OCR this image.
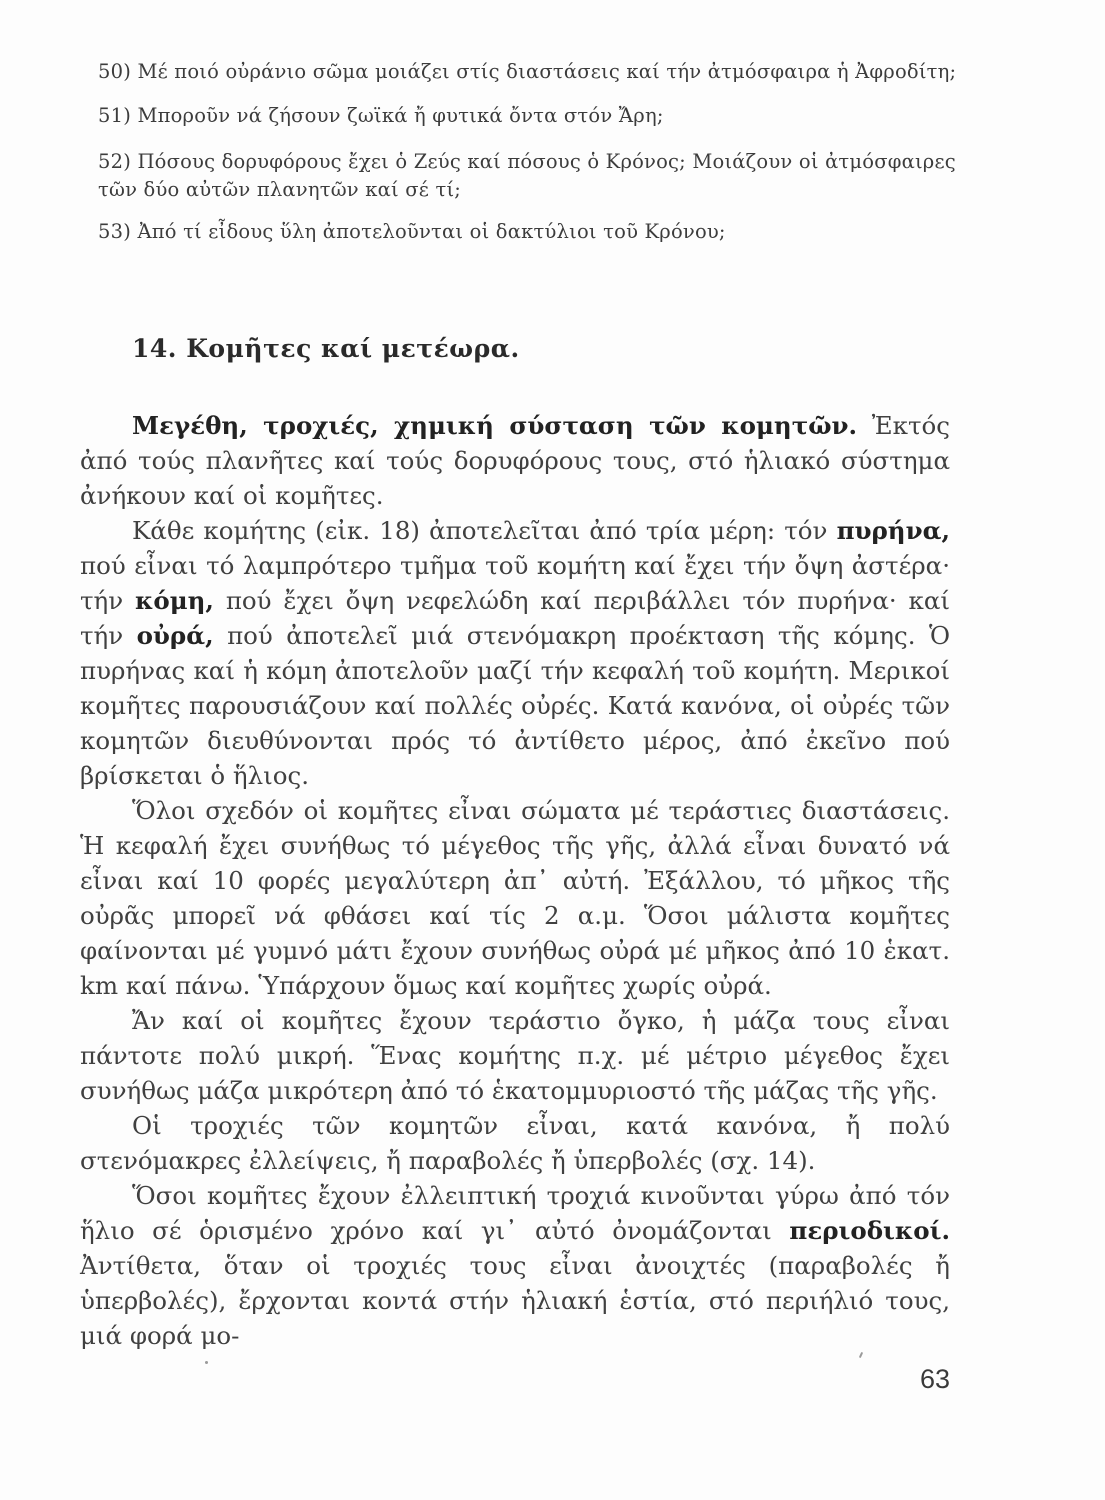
50) Μέ ποιό οὐράνιο σῶμα μοιάζει στίς διαστάσεις καί τήν ἀτμόσφαιρα ἡ Ἀφροδίτη;
51) Μποροῦν νά ζήσουν ζωϊκά ἤ φυτικά ὄντα στόν Ἄρη;
52) Πόσους δορυφόρους ἔχει ὁ Ζεύς καί πόσους ὁ Κρόνος; Μοιάζουν οἱ ἀτμόσφαιρες τῶν δύο αὐτῶν πλανητῶν καί σέ τί;
53) Ἀπό τί εἶδους ὕλη ἀποτελοῦνται οἱ δακτύλιοι τοῦ Κρόνου;
14. Κομῆτες καί μετέωρα.

Μεγέθη, τροχιές, χημική σύσταση τῶν κομητῶν. Ἐκτός ἀπό τούς πλανῆτες καί τούς δορυφόρους τους, στό ἡλιακό σύστημα ἀνήκουν καί οἱ κομῆτες.

Κάθε κομήτης (εἰκ. 18) ἀποτελεῖται ἀπό τρία μέρη: τόν πυρήνα, πού εἶναι τό λαμπρότερο τμῆμα τοῦ κομήτη καί ἔχει τήν ὄψη ἀστέρα· τήν κόμη, πού ἔχει ὄψη νεφελώδη καί περιβάλλει τόν πυρήνα· καί τήν οὐρά, πού ἀποτελεῖ μιά στενόμακρη προέκταση τῆς κόμης. Ὁ πυρήνας καί ἡ κόμη ἀποτελοῦν μαζί τήν κεφαλή τοῦ κομήτη. Μερικοί κομῆτες παρουσιάζουν καί πολλές οὐρές. Κατά κανόνα, οἱ οὐρές τῶν κομητῶν διευθύνονται πρός τό ἀντίθετο μέρος, ἀπό ἐκεῖνο πού βρίσκεται ὁ ἥλιος.

Ὅλοι σχεδόν οἱ κομῆτες εἶναι σώματα μέ τεράστιες διαστάσεις. Ἡ κεφαλή ἔχει συνήθως τό μέγεθος τῆς γῆς, ἀλλά εἶναι δυνατό νά εἶναι καί 10 φορές μεγαλύτερη ἀπ᾿ αὐτή. Ἐξάλλου, τό μῆκος τῆς οὐρᾶς μπορεῖ νά φθάσει καί τίς 2 α.μ. Ὅσοι μάλιστα κομῆτες φαίνονται μέ γυμνό μάτι ἔχουν συνήθως οὐρά μέ μῆκος ἀπό 10 ἑκατ. km καί πάνω. Ὑπάρχουν ὅμως καί κομῆτες χωρίς οὐρά.

Ἄν καί οἱ κομῆτες ἔχουν τεράστιο ὄγκο, ἡ μάζα τους εἶναι πάντοτε πολύ μικρή. Ἕνας κομήτης π.χ. μέ μέτριο μέγεθος ἔχει συνήθως μάζα μικρότερη ἀπό τό ἑκατομμυριοστό τῆς μάζας τῆς γῆς.

Οἱ τροχιές τῶν κομητῶν εἶναι, κατά κανόνα, ἤ πολύ στενόμακρες ἐλλείψεις, ἤ παραβολές ἤ ὑπερβολές (σχ. 14).

Ὅσοι κομῆτες ἔχουν ἐλλειπτική τροχιά κινοῦνται γύρω ἀπό τόν ἥλιο σέ ὁρισμένο χρόνο καί γι᾿ αὐτό ὀνομάζονται περιοδικοί. Ἀντίθετα, ὅταν οἱ τροχιές τους εἶναι ἀνοιχτές (παραβολές ἤ ὑπερβολές), ἔρχονται κοντά στήν ἡλιακή ἑστία, στό περιήλιό τους, μιά φορά μο-

63
